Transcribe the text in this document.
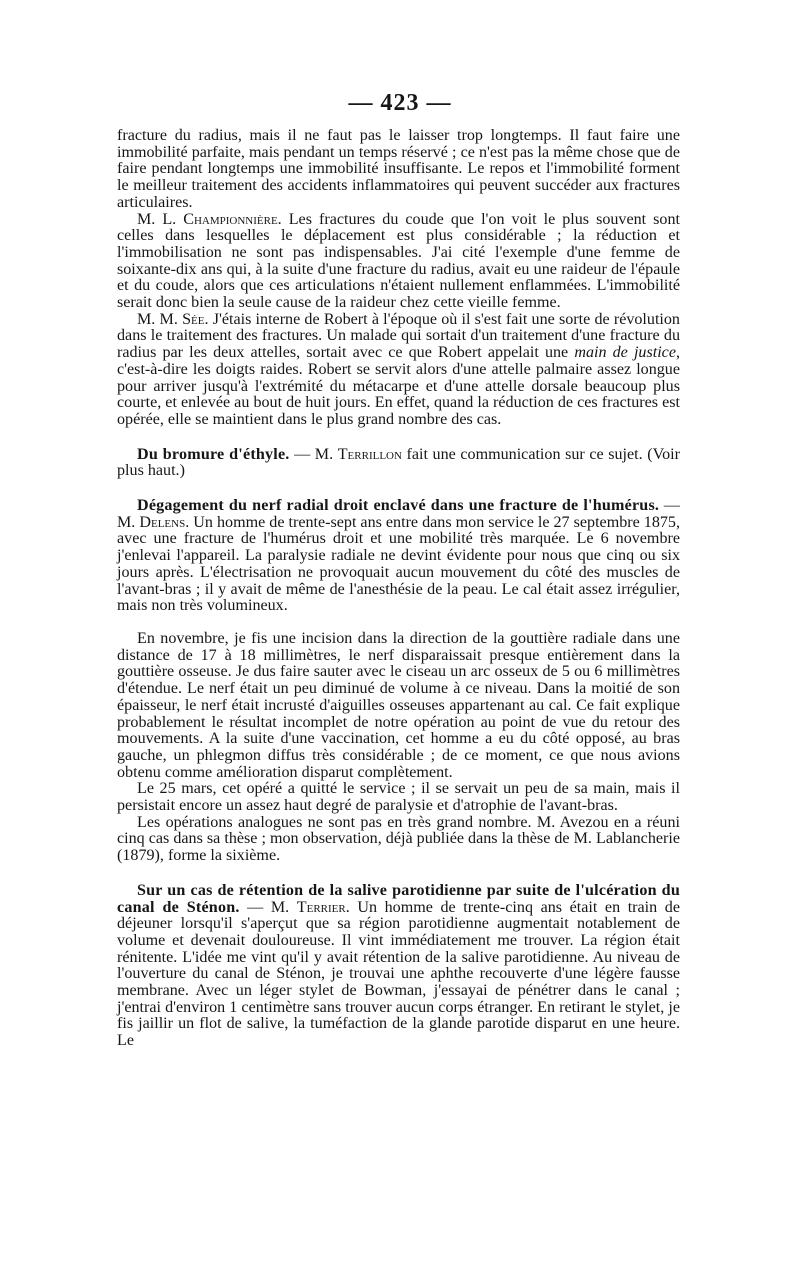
— 423 —

fracture du radius, mais il ne faut pas le laisser trop longtemps. Il faut faire une immobilité parfaite, mais pendant un temps réservé ; ce n'est pas la même chose que de faire pendant longtemps une immobilité insuffisante. Le repos et l'immobilité forment le meilleur traitement des accidents inflammatoires qui peuvent succéder aux fractures articulaires.

M. L. Championnière. Les fractures du coude que l'on voit le plus souvent sont celles dans lesquelles le déplacement est plus considérable ; la réduction et l'immobilisation ne sont pas indispensables. J'ai cité l'exemple d'une femme de soixante-dix ans qui, à la suite d'une fracture du radius, avait eu une raideur de l'épaule et du coude, alors que ces articulations n'étaient nullement enflammées. L'immobilité serait donc bien la seule cause de la raideur chez cette vieille femme.

M. M. Sée. J'étais interne de Robert à l'époque où il s'est fait une sorte de révolution dans le traitement des fractures. Un malade qui sortait d'un traitement d'une fracture du radius par les deux attelles, sortait avec ce que Robert appelait une main de justice, c'est-à-dire les doigts raides. Robert se servit alors d'une attelle palmaire assez longue pour arriver jusqu'à l'extrémité du métacarpe et d'une attelle dorsale beaucoup plus courte, et enlevée au bout de huit jours. En effet, quand la réduction de ces fractures est opérée, elle se maintient dans le plus grand nombre des cas.

Du bromure d'éthyle. — M. Terrillon fait une communication sur ce sujet. (Voir plus haut.)

Dégagement du nerf radial droit enclavé dans une fracture de l'humérus. — M. Delens. Un homme de trente-sept ans entre dans mon service le 27 septembre 1875, avec une fracture de l'humérus droit et une mobilité très marquée. Le 6 novembre j'enlevai l'appareil. La paralysie radiale ne devint évidente pour nous que cinq ou six jours après. L'électrisation ne provoquait aucun mouvement du côté des muscles de l'avant-bras ; il y avait de même de l'anesthésie de la peau. Le cal était assez irrégulier, mais non très volumineux.

En novembre, je fis une incision dans la direction de la gouttière radiale dans une distance de 17 à 18 millimètres, le nerf disparaissait presque entièrement dans la gouttière osseuse. Je dus faire sauter avec le ciseau un arc osseux de 5 ou 6 millimètres d'étendue. Le nerf était un peu diminué de volume à ce niveau. Dans la moitié de son épaisseur, le nerf était incrusté d'aiguilles osseuses appartenant au cal. Ce fait explique probablement le résultat incomplet de notre opération au point de vue du retour des mouvements. A la suite d'une vaccination, cet homme a eu du côté opposé, au bras gauche, un phlegmon diffus très considérable ; de ce moment, ce que nous avions obtenu comme amélioration disparut complètement.

Le 25 mars, cet opéré a quitté le service ; il se servait un peu de sa main, mais il persistait encore un assez haut degré de paralysie et d'atrophie de l'avant-bras.

Les opérations analogues ne sont pas en très grand nombre. M. Avezou en a réuni cinq cas dans sa thèse ; mon observation, déjà publiée dans la thèse de M. Lablancherie (1879), forme la sixième.

Sur un cas de rétention de la salive parotidienne par suite de l'ulcération du canal de Sténon. — M. Terrier. Un homme de trente-cinq ans était en train de déjeuner lorsqu'il s'aperçut que sa région parotidienne augmentait notablement de volume et devenait douloureuse. Il vint immédiatement me trouver. La région était rénitente. L'idée me vint qu'il y avait rétention de la salive parotidienne. Au niveau de l'ouverture du canal de Sténon, je trouvai une aphthe recouverte d'une légère fausse membrane. Avec un léger stylet de Bowman, j'essayai de pénétrer dans le canal ; j'entrai d'environ 1 centimètre sans trouver aucun corps étranger. En retirant le stylet, je fis jaillir un flot de salive, la tuméfaction de la glande parotide disparut en une heure. Le
